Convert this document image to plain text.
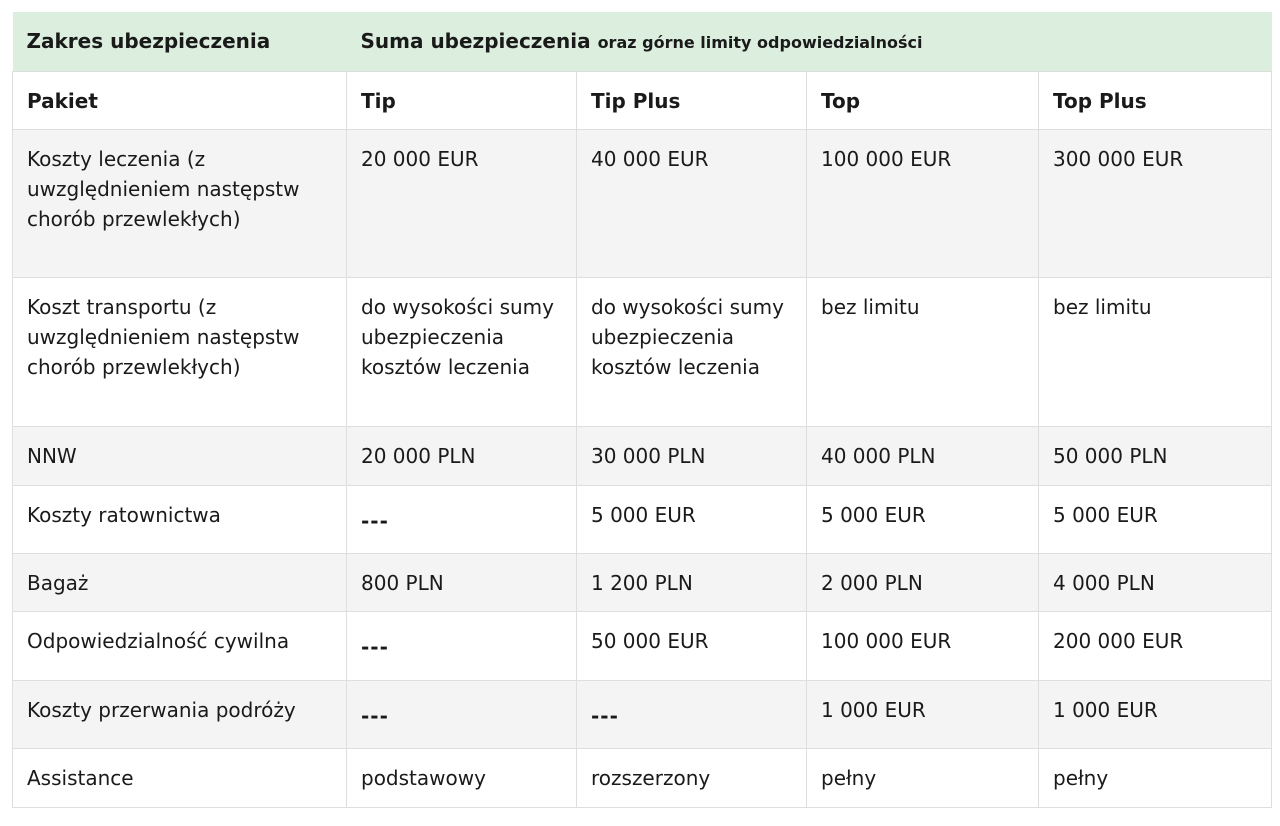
Zakres ubezpieczenia	Suma ubezpieczenia oraz górne limity odpowiedzialności			
Pakiet	Tip	Tip Plus	Top	Top Plus
Koszty leczenia (z uwzględnieniem następstw chorób przewlekłych)	20 000 EUR	40 000 EUR	100 000 EUR	300 000 EUR
Koszt transportu (z uwzględnieniem następstw chorób przewlekłych)	do wysokości sumy ubezpieczenia kosztów leczenia	do wysokości sumy ubezpieczenia kosztów leczenia	bez limitu	bez limitu
NNW	20 000 PLN	30 000 PLN	40 000 PLN	50 000 PLN
Koszty ratownictwa	---	5 000 EUR	5 000 EUR	5 000 EUR
Bagaż	800 PLN	1 200 PLN	2 000 PLN	4 000 PLN
Odpowiedzialność cywilna	---	50 000 EUR	100 000 EUR	200 000 EUR
Koszty przerwania podróży	---	---	1 000 EUR	1 000 EUR
Assistance	podstawowy	rozszerzony	pełny	pełny
